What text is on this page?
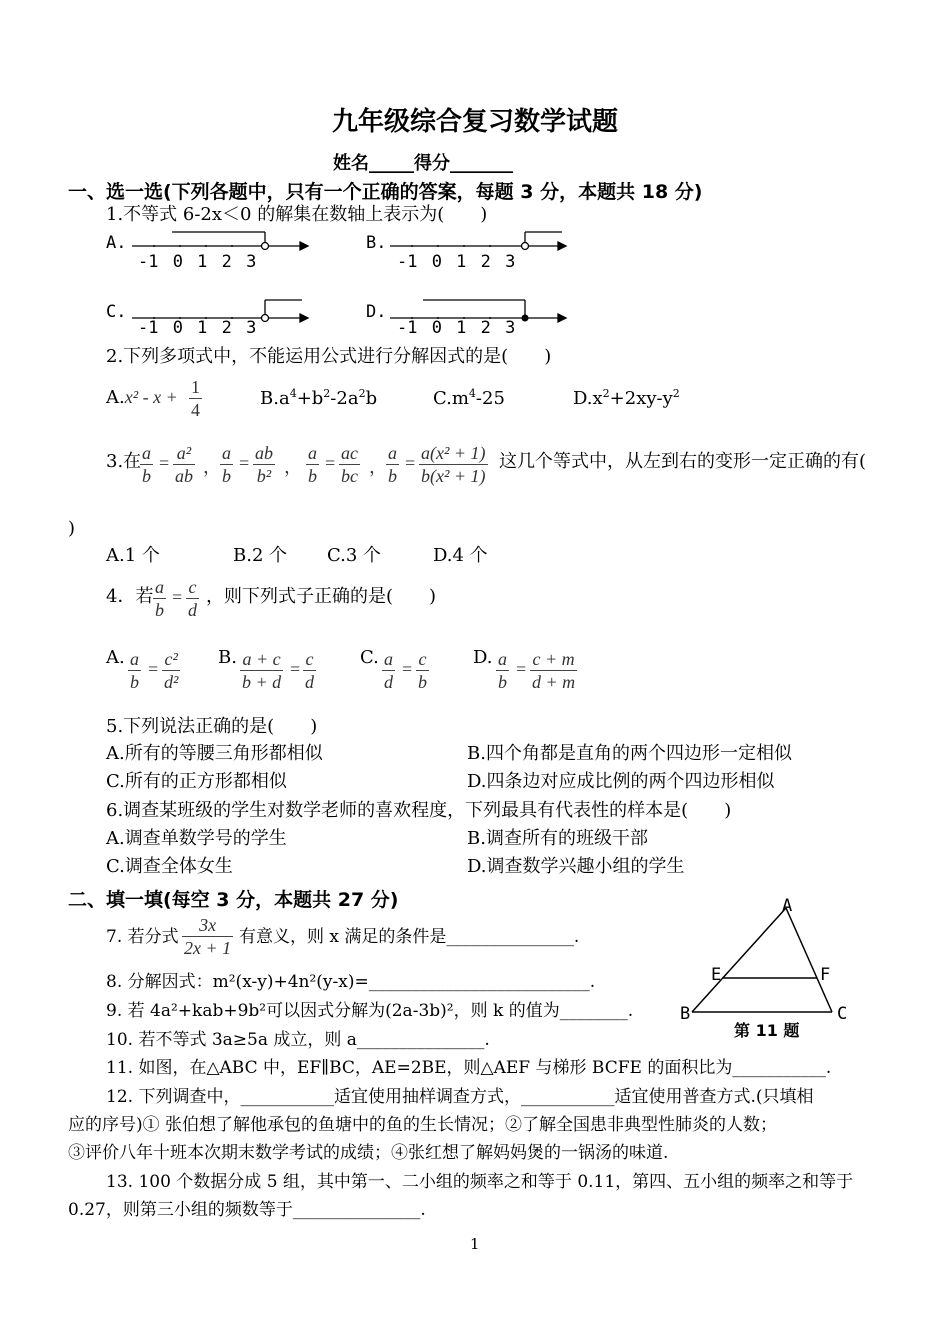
九年级综合复习数学试题
姓名_____得分_______
一、选一选(下列各题中，只有一个正确的答案，每题 3 分，本题共 18 分)
1.不等式 6-2x＜0 的解集在数轴上表示为(　　)
A.	B.
C.	D.
-1 0 1 2 3	-1 0 1 2 3
-1 0 1 2 3	-1 0 1 2 3
2.下列多项式中，不能运用公式进行分解因式的是(　　)
$A.x^2 - x + \frac{1}{4}$	$B.a^4+b^2-2a^2b$	$C.m^4-25$	$D.x^2+2xy-y^2$
3.在
$\frac{a}{b} = \frac{\text{a²}}{ab}$ ， $\frac{a}{b} = \frac{ab}{\text{b²}}$ ， $\frac{a}{b} = \frac{ac}{bc}$ ， $\frac{a}{b} = \frac{\text{a(x² + 1)}}{\text{b(x² + 1)}}$ 这几个等式中，从左到右的变形一定正确的有(
)
A.1 个	B.2 个 C.3 个	D.4 个
4．若 $\frac{a}{b} = \frac{c}{d}$ ，则下列式子正确的是(　　)
A. $\frac{a}{b} = \frac{\text{c²}}{\text{d²}} B$. $\frac{a + c}{b + d} = \frac{c}{d} C$. $\frac{a}{d} = \frac{c}{b} D$. $\frac{a}{b} = \frac{c + m}{d + m}$
5.下列说法正确的是(　　)
A.所有的等腰三角形都相似	B.四个角都是直角的两个四边形一定相似
C.所有的正方形都相似	D.四条边对应成比例的两个四边形相似
6.调查某班级的学生对数学老师的喜欢程度，下列最具有代表性的样本是(　　)
A.调查单数学号的学生	B.调查所有的班级干部
C.调查全体女生	D.调查数学兴趣小组的学生
二、填一填(每空 3 分，本题共 27 分)
7. 若分式 $\frac{3x}{2x + 1}$ 有意义，则 x 满足的条件是_______________.
8. 分解因式：m²(x-y)+4n²(y-x)=__________________________.
9. 若 4a²+kab+9b²可以因式分解为(2a-3b)²，则 k 的值为________.
10. 若不等式 3a≥5a 成立，则 a_______________.
11. 如图，在△ABC 中，EF∥BC，AE=2BE，则△AEF 与梯形 BCFE 的面积比为___________.
12. 下列调查中，___________适宜使用抽样调查方式，___________适宜使用普查方式.(只填相
应的序号)① 张伯想了解他承包的鱼塘中的鱼的生长情况；②了解全国患非典型性肺炎的人数；
③评价八年十班本次期末数学考试的成绩；④张红想了解妈妈煲的一锅汤的味道.
13. 100 个数据分成 5 组，其中第一、二小组的频率之和等于 0.11，第四、五小组的频率之和等于
0.27，则第三小组的频数等于_______________.
A
E	F
B	C
第 11 题
1
